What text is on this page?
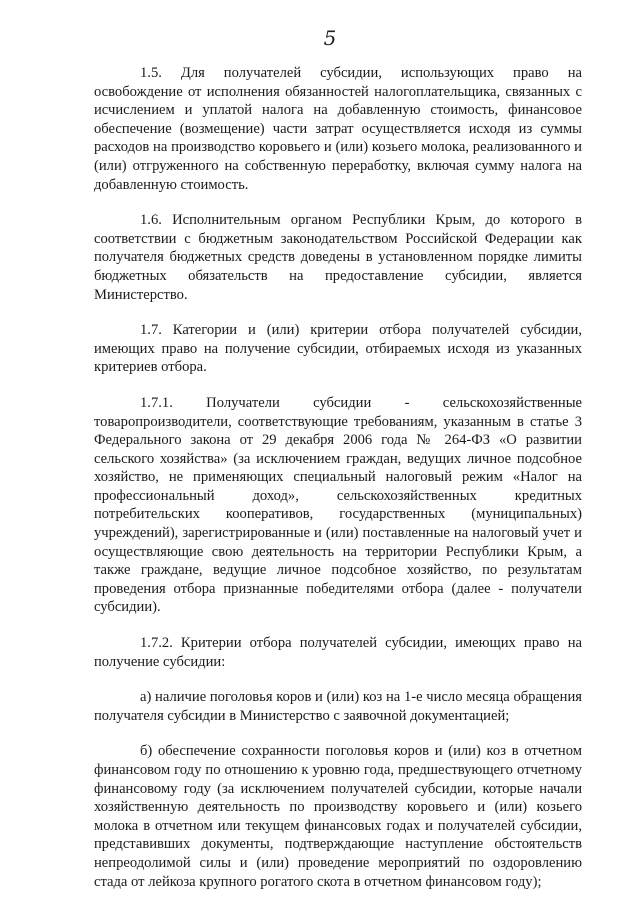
5

1.5. Для получателей субсидии, использующих право на освобождение от исполнения обязанностей налогоплательщика, связанных с исчислением и уплатой налога на добавленную стоимость, финансовое обеспечение (возмещение) части затрат осуществляется исходя из суммы расходов на производство коровьего и (или) козьего молока, реализованного и (или) отгруженного на собственную переработку, включая сумму налога на добавленную стоимость.

1.6. Исполнительным органом Республики Крым, до которого в соответствии с бюджетным законодательством Российской Федерации как получателя бюджетных средств доведены в установленном порядке лимиты бюджетных обязательств на предоставление субсидии, является Министерство.

1.7. Категории и (или) критерии отбора получателей субсидии, имеющих право на получение субсидии, отбираемых исходя из указанных критериев отбора.

1.7.1. Получатели субсидии - сельскохозяйственные товаропроизводители, соответствующие требованиям, указанным в статье 3 Федерального закона от 29 декабря 2006 года № 264-ФЗ «О развитии сельского хозяйства» (за исключением граждан, ведущих личное подсобное хозяйство, не применяющих специальный налоговый режим «Налог на профессиональный доход», сельскохозяйственных кредитных потребительских кооперативов, государственных (муниципальных) учреждений), зарегистрированные и (или) поставленные на налоговый учет и осуществляющие свою деятельность на территории Республики Крым, а также граждане, ведущие личное подсобное хозяйство, по результатам проведения отбора признанные победителями отбора (далее - получатели субсидии).

1.7.2. Критерии отбора получателей субсидии, имеющих право на получение субсидии:

а) наличие поголовья коров и (или) коз на 1-е число месяца обращения получателя субсидии в Министерство с заявочной документацией;

б) обеспечение сохранности поголовья коров и (или) коз в отчетном финансовом году по отношению к уровню года, предшествующего отчетному финансовому году (за исключением получателей субсидии, которые начали хозяйственную деятельность по производству коровьего и (или) козьего молока в отчетном или текущем финансовых годах и получателей субсидии, представивших документы, подтверждающие наступление обстоятельств непреодолимой силы и (или) проведение мероприятий по оздоровлению стада от лейкоза крупного рогатого скота в отчетном финансовом году);
